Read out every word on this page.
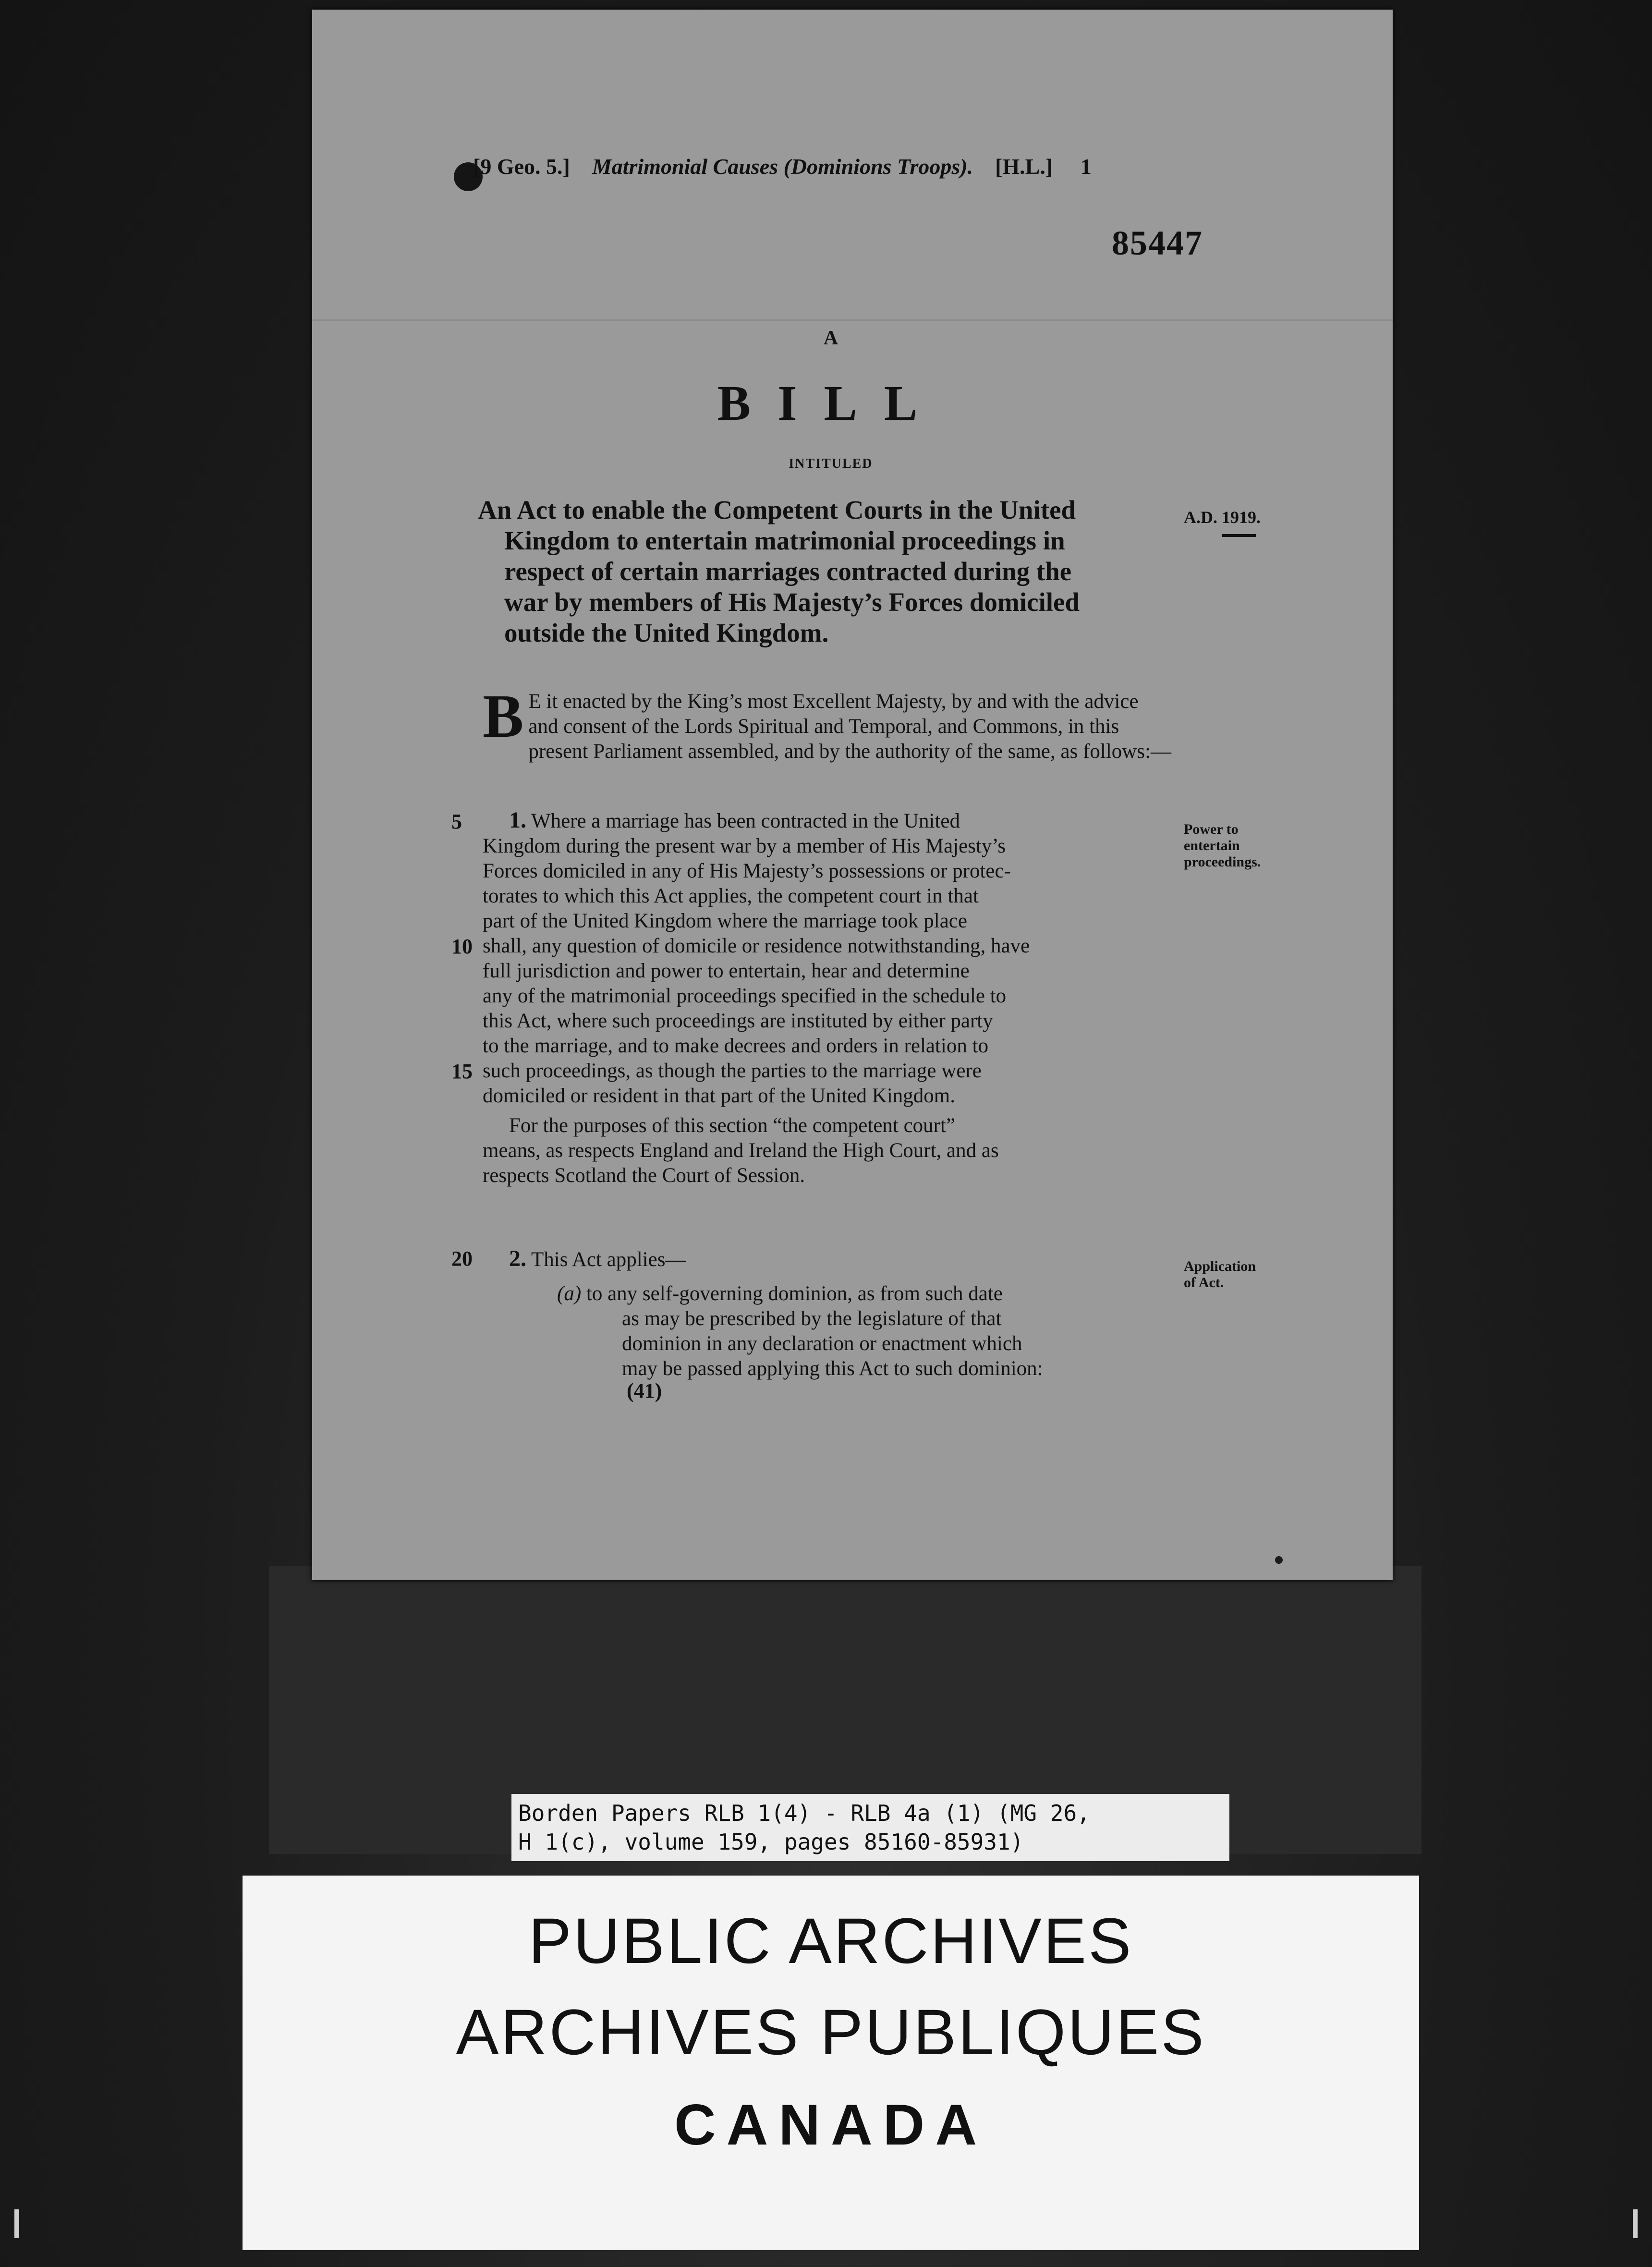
[9 Geo. 5.] Matrimonial Causes (Dominions Troops). [H.L.] 1
85447
A
BILL
INTITULED
An Act to enable the Competent Courts in the United
Kingdom to entertain matrimonial proceedings in
respect of certain marriages contracted during the
war by members of His Majesty’s Forces domiciled
outside the United Kingdom.
A.D. 1919.
B E it enacted by the King’s most Excellent Majesty, by and with the advice and consent of the Lords Spiritual and Temporal, and Commons, in this present Parliament assembled, and by the authority of the same, as follows:—
5
10
15
20
Power to
entertain
proceedings.
1. Where a marriage has been contracted in the United
Kingdom during the present war by a member of His Majesty’s
Forces domiciled in any of His Majesty’s possessions or protec-
torates to which this Act applies, the competent court in that
part of the United Kingdom where the marriage took place
shall, any question of domicile or residence notwithstanding, have
full jurisdiction and power to entertain, hear and determine
any of the matrimonial proceedings specified in the schedule to
this Act, where such proceedings are instituted by either party
to the marriage, and to make decrees and orders in relation to
such proceedings, as though the parties to the marriage were
domiciled or resident in that part of the United Kingdom.
For the purposes of this section “the competent court”
means, as respects England and Ireland the High Court, and as
respects Scotland the Court of Session.
Application
of Act.
2. This Act applies—
(a) to any self-governing dominion, as from such date
as may be prescribed by the legislature of that
dominion in any declaration or enactment which
may be passed applying this Act to such dominion:
(41)
Borden Papers RLB 1(4) - RLB 4a (1) (MG 26,
H 1(c), volume 159, pages 85160-85931)
PUBLIC ARCHIVES
ARCHIVES PUBLIQUES
CANADA
